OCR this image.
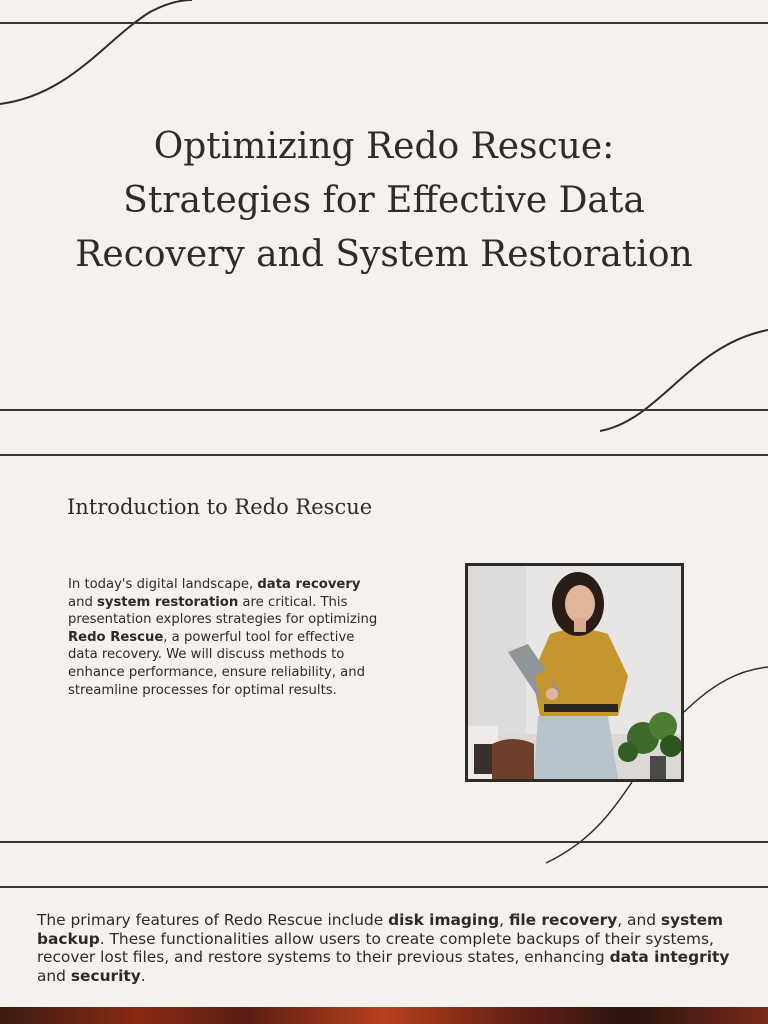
Optimizing Redo Rescue:
Strategies for Effective Data
Recovery and System Restoration
Introduction to Redo Rescue

In today's digital landscape, data recovery and system restoration are critical. This presentation explores strategies for optimizing Redo Rescue, a powerful tool for effective data recovery. We will discuss methods to enhance performance, ensure reliability, and streamline processes for optimal results.

The primary features of Redo Rescue include disk imaging, file recovery, and system backup. These functionalities allow users to create complete backups of their systems, recover lost files, and restore systems to their previous states, enhancing data integrity and security.
